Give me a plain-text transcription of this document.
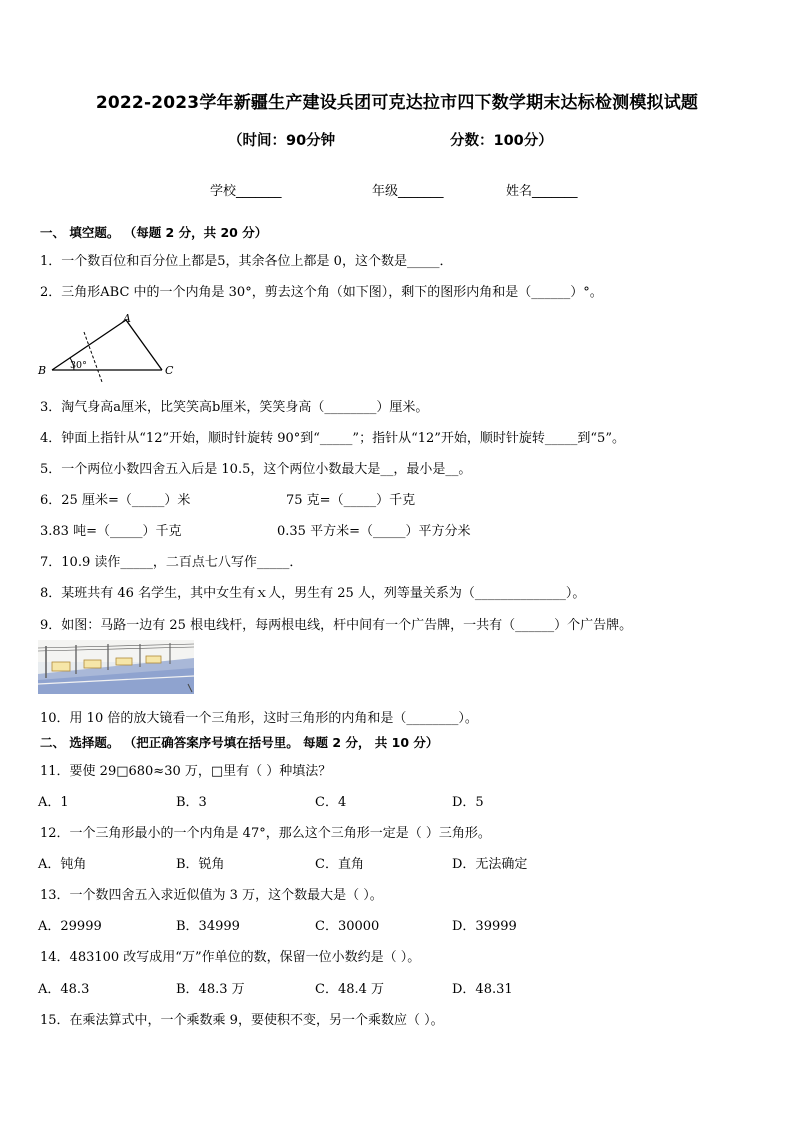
2022-2023学年新疆生产建设兵团可克达拉市四下数学期末达标检测模拟试题
（时间：90分钟	分数：100分）
学校_______	年级_______	姓名_______
一、 填空题。 （每题 2 分，共 20 分）
1．一个数百位和百分位上都是5，其余各位上都是 0，这个数是_____．
2．三角形ABC 中的一个内角是 30°，剪去这个角（如下图），剩下的图形内角和是（______）°。
A
B	C
30°
3．淘气身高a厘米，比笑笑高b厘米，笑笑身高（________）厘米。
4．钟面上指针从“12”开始，顺时针旋转 90°到“_____”；指针从“12”开始，顺时针旋转_____到“5”。
5．一个两位小数四舍五入后是 10.5，这个两位小数最大是__，最小是__。
6．25 厘米=（_____）米	75 克=（_____）千克
3.83 吨=（_____）千克	0.35 平方米=（_____）平方分米
7．10.9 读作_____，二百点七八写作_____．
8．某班共有 46 名学生，其中女生有ｘ人，男生有 25 人，列等量关系为（______________）。
9．如图：马路一边有 25 根电线杆，每两根电线，杆中间有一个广告牌，一共有（______）个广告牌。
10．用 10 倍的放大镜看一个三角形，这时三角形的内角和是（________）。
二、 选择题。 （把正确答案序号填在括号里。 每题 2 分， 共 10 分）
11．要使 29□680≈30 万，□里有（ ）种填法？
A．1	B．3	C．4	D．5
12．一个三角形最小的一个内角是 47°，那么这个三角形一定是（ ）三角形。
A．钝角	B．锐角	C．直角	D．无法确定
13．一个数四舍五入求近似值为 3 万，这个数最大是（ ）。
A．29999	B．34999	C．30000	D．39999
14．483100 改写成用“万”作单位的数，保留一位小数约是（ ）。
A．48.3	B．48.3 万	C．48.4 万	D．48.31
15．在乘法算式中，一个乘数乘 9，要使积不变，另一个乘数应（ ）。
